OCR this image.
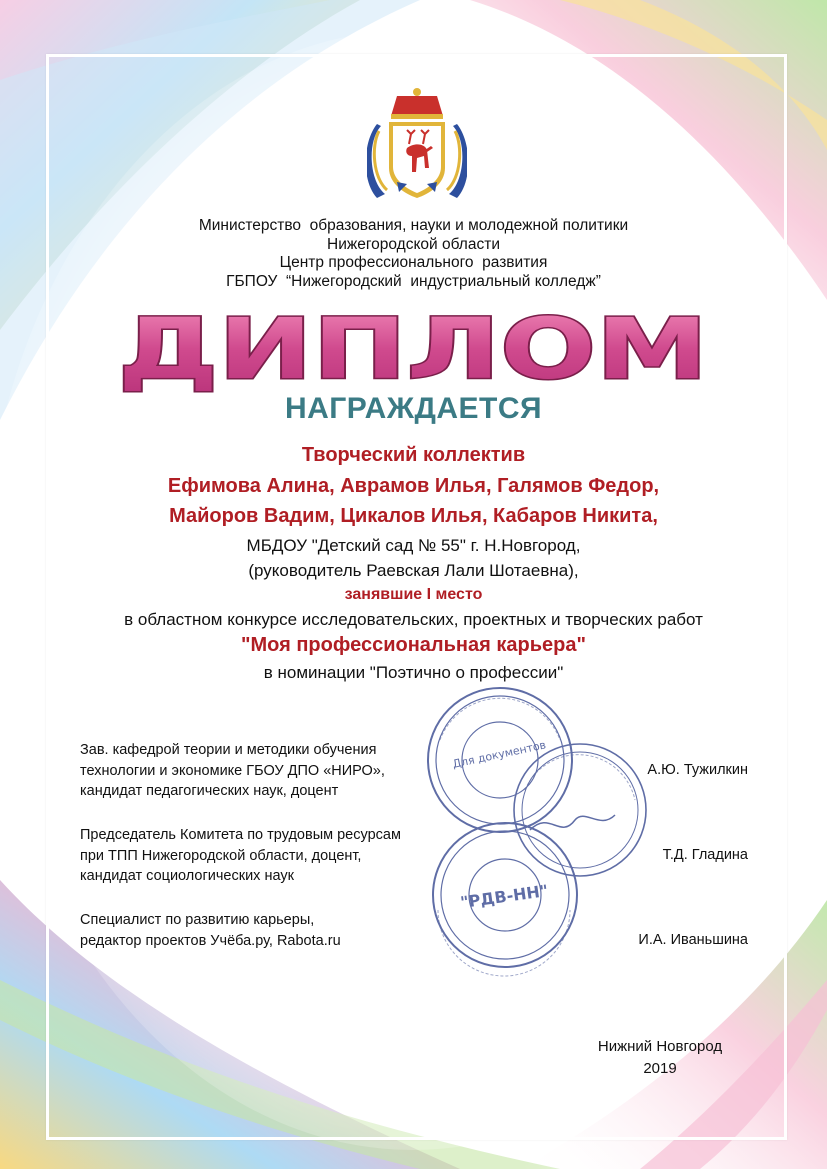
Министерство  образования, науки и молодежной политики
Нижегородской области
Центр профессионального  развития
ГБПОУ  “Нижегородский  индустриальный колледж”
ДИПЛОМ
НАГРАЖДАЕТСЯ
Творческий коллектив
Ефимова Алина, Аврамов Илья, Галямов Федор,
Майоров Вадим, Цикалов Илья, Кабаров Никита,
МБДОУ "Детский сад № 55" г. Н.Новгород,
(руководитель Раевская Лали Шотаевна),
занявшие I место
в областном конкурсе исследовательских, проектных и творческих работ
"Моя профессиональная карьера"
в номинации "Поэтично о профессии"
Для документов
"РДВ-НН"
Зав. кафедрой теории и методики обучения
технологии и экономике ГБОУ ДПО «НИРО»,
кандидат педагогических наук, доцент
А.Ю. Тужилкин
Председатель Комитета по трудовым ресурсам
при ТПП Нижегородской области, доцент,
кандидат социологических наук
Т.Д. Гладина
Специалист по развитию карьеры,
редактор проектов Учёба.ру, Rabota.ru	И.А. Иваньшина
Нижний Новгород
2019
